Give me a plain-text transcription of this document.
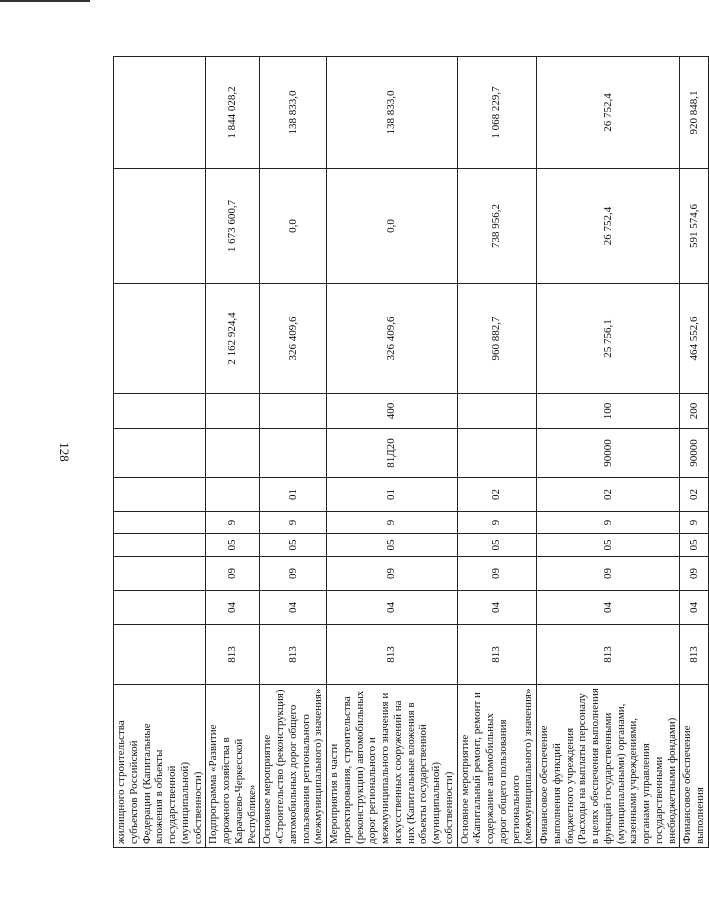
128
жилищного строительства субъектов Российской Федерации (Капитальные вложения в объекты государственной (муниципальной) собственности)											
Подпрограмма «Развитие дорожного хозяйства в Карачаево-Черкесской Республике»	813	04	09	05	9				2 162 924,4	1 673 600,7	1 844 028,2
Основное мероприятие «Строительство (реконструкция) автомобильных дорог общего пользования регионального (межмуниципального) значения»	813	04	09	05	9	01			326 409,6	0,0	138 833,0
Мероприятия в части проектирования, строительства (реконструкции) автомобильных дорог регионального и межмуниципального значения и искусственных сооружений на них (Капитальные вложения в объекты государственной (муниципальной) собственности)	813	04	09	05	9	01	81Д20	400	326 409,6	0,0	138 833,0
Основное мероприятие «Капитальный ремонт, ремонт и содержание автомобильных дорог общего пользования регионального (межмуниципального) значения»	813	04	09	05	9	02			960 882,7	738 956,2	1 068 229,7
Финансовое обеспечение выполнения функций бюджетного учреждения (Расходы на выплаты персоналу в целях обеспечения выполнения функций государственными (муниципальными) органами, казенными учреждениями, органами управления государственными внебюджетными фондами)	813	04	09	05	9	02	90000	100	25 756,1	26 752,4	26 752,4
Финансовое обеспечение выполнения	813	04	09	05	9	02	90000	200	464 552,6	591 574,6	920 848,1
